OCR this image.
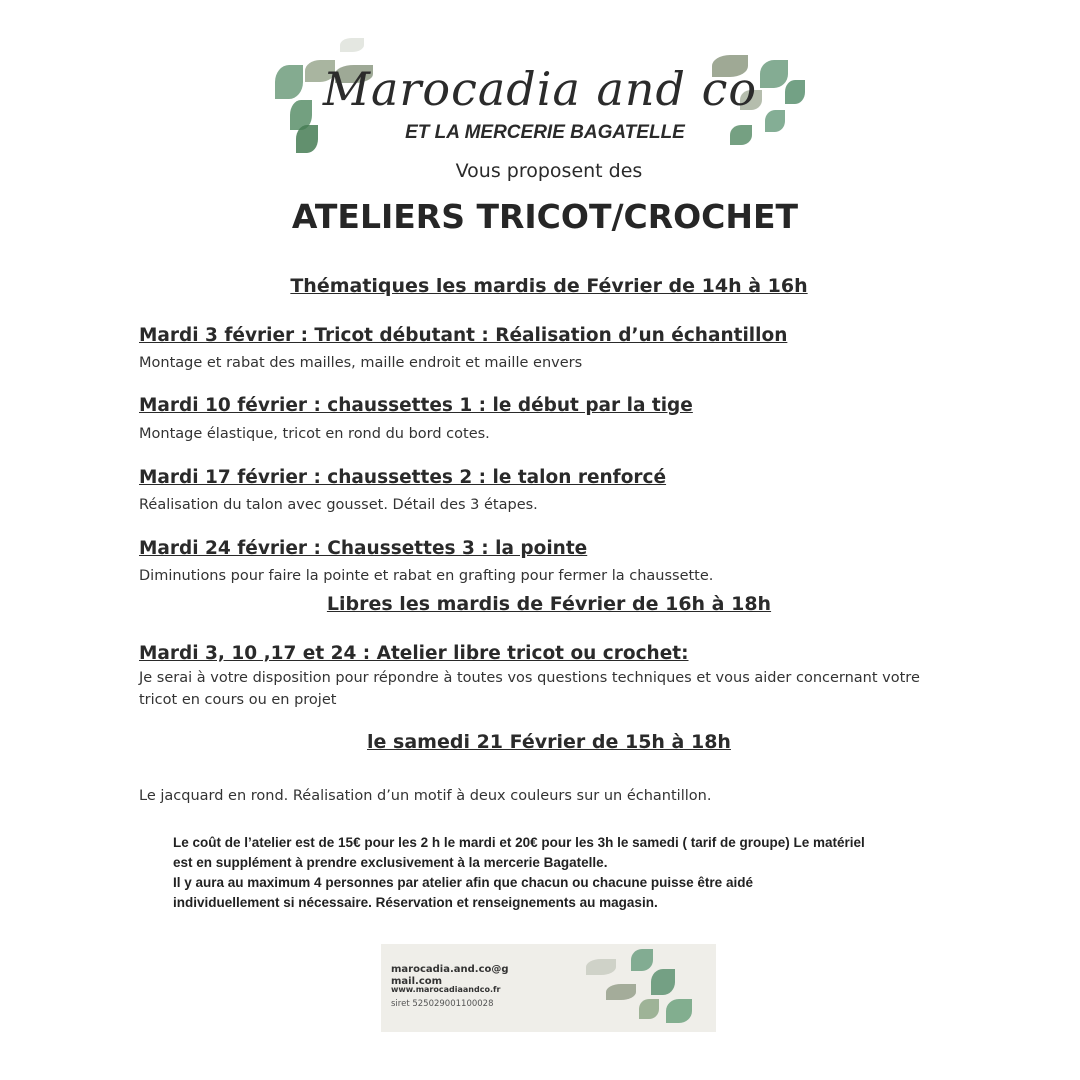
Marocadia and co
ET LA MERCERIE BAGATELLE
Vous proposent des
ATELIERS TRICOT/CROCHET
Thématiques les mardis de Février de 14h à 16h
Mardi 3 février : Tricot débutant : Réalisation d’un échantillon
Montage et rabat des mailles, maille endroit et maille envers
Mardi 10 février : chaussettes 1 : le début par la tige
Montage élastique, tricot en rond du bord cotes.
Mardi 17 février : chaussettes 2 : le talon renforcé
Réalisation du talon avec gousset. Détail des 3 étapes.
Mardi 24 février : Chaussettes 3 : la pointe
Diminutions pour faire la pointe et rabat en grafting pour fermer la chaussette.
Libres les mardis de Février de 16h à 18h
Mardi 3, 10 ,17 et 24 : Atelier libre tricot ou crochet:
Je serai à votre disposition pour répondre à toutes vos questions techniques et vous aider concernant votre tricot en cours ou en projet
le samedi 21 Février de 15h à 18h
Le jacquard en rond. Réalisation d’un motif à deux couleurs sur un échantillon.
Le coût de l’atelier est de 15€ pour les 2 h le mardi et 20€ pour les 3h le samedi ( tarif de groupe) Le matériel
est en supplément à prendre exclusivement à la mercerie Bagatelle.
Il y aura au maximum 4 personnes par atelier afin que chacun ou chacune puisse être aidé
individuellement si nécessaire. Réservation et renseignements au magasin.
marocadia.and.co@g
mail.com
www.marocadiaandco.fr
siret 525029001100028
